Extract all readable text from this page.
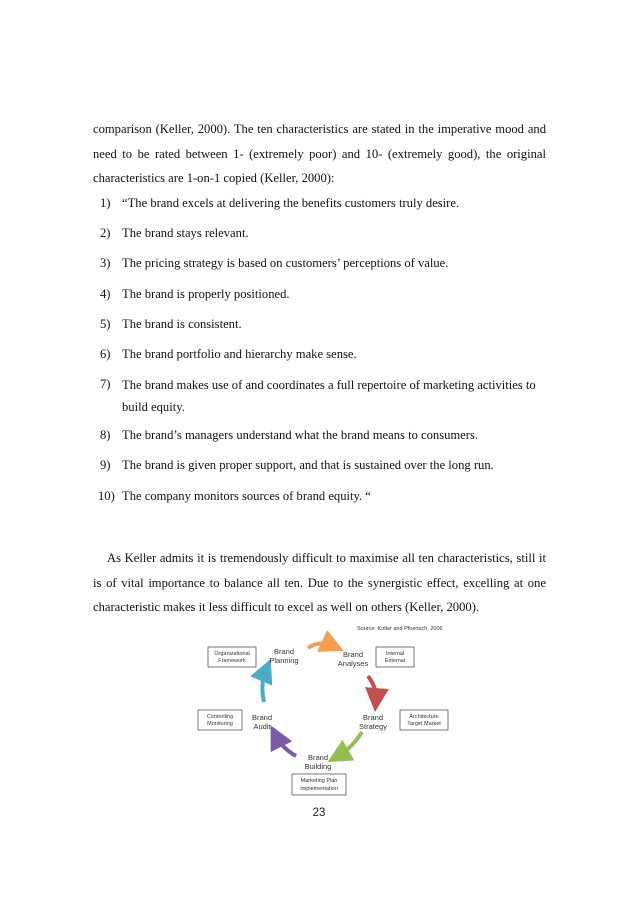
comparison (Keller, 2000). The ten characteristics are stated in the imperative mood and need to be rated between 1- (extremely poor) and 10- (extremely good), the original characteristics are 1-on-1 copied (Keller, 2000):

1) “The brand excels at delivering the benefits customers truly desire.
2) The brand stays relevant.
3) The pricing strategy is based on customers’ perceptions of value.
4) The brand is properly positioned.
5) The brand is consistent.
6) The brand portfolio and hierarchy make sense.
7) The brand makes use of and coordinates a full repertoire of marketing activities to build equity.
8) The brand’s managers understand what the brand means to consumers.
9) The brand is given proper support, and that is sustained over the long run.
10) The company monitors sources of brand equity. “

As Keller admits it is tremendously difficult to maximise all ten characteristics, still it is of vital importance to balance all ten. Due to the synergistic effect, excelling at one characteristic makes it less difficult to excel as well on others (Keller, 2000).

Source: Kotler and Pfoertsch, 2006
Brand
Planning
Brand
Analyses
Brand
Strategy
Brand
Building
Brand
Audit
Organizational
Framework
Internal
External
Architecture
Target Market
Marketing Plan
Implementation
Controlling
Monitoring
23
